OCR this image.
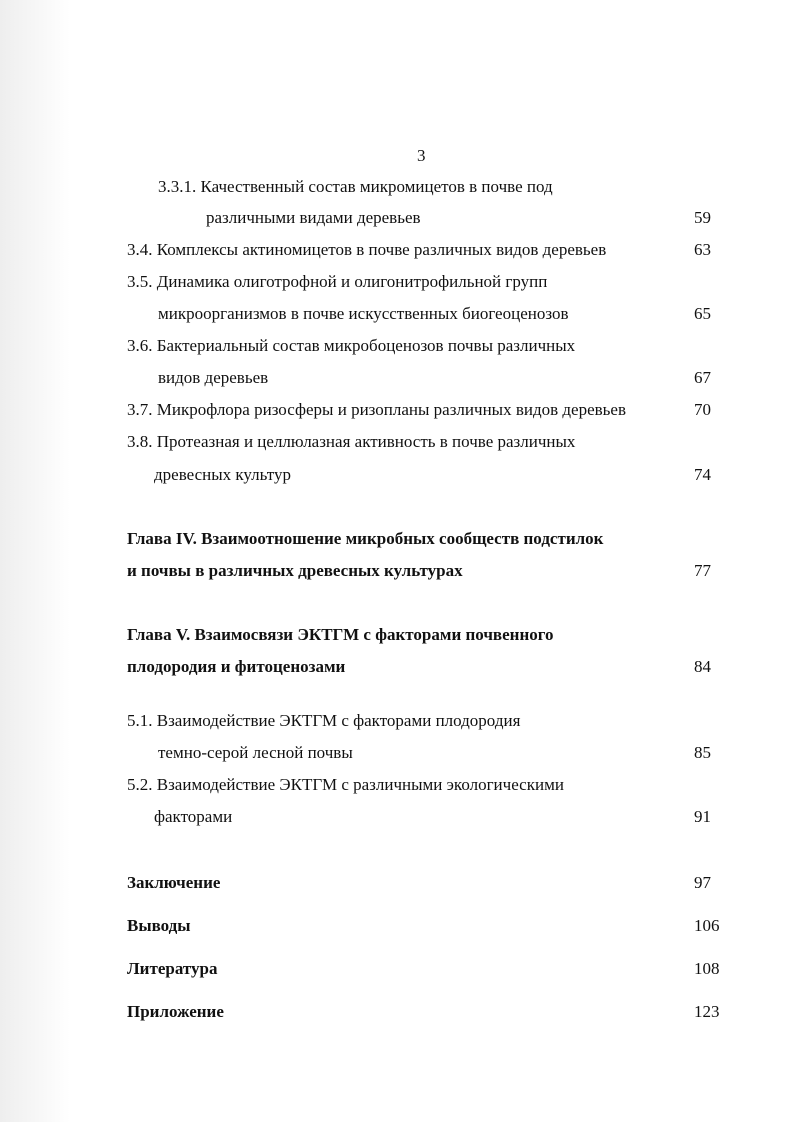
3
3.3.1. Качественный состав микромицетов в почве под
различными видами деревьев	59
3.4. Комплексы актиномицетов в почве различных видов деревьев	63
3.5. Динамика олиготрофной и олигонитрофильной групп
микроорганизмов в почве искусственных биогеоценозов	65
3.6. Бактериальный состав микробоценозов почвы различных
видов деревьев	67
3.7. Микрофлора ризосферы и ризопланы различных видов деревьев	70
3.8. Протеазная и целлюлазная активность в почве различных
древесных культур	74
Глава IV. Взаимоотношение микробных сообществ подстилок
и почвы в различных древесных культурах	77
Глава V. Взаимосвязи ЭКТГМ с факторами почвенного
плодородия и фитоценозами	84
5.1. Взаимодействие ЭКТГМ с факторами плодородия
темно-серой лесной почвы	85
5.2. Взаимодействие ЭКТГМ с различными экологическими
факторами	91
Заключение	97
Выводы	106
Литература	108
Приложение	123
